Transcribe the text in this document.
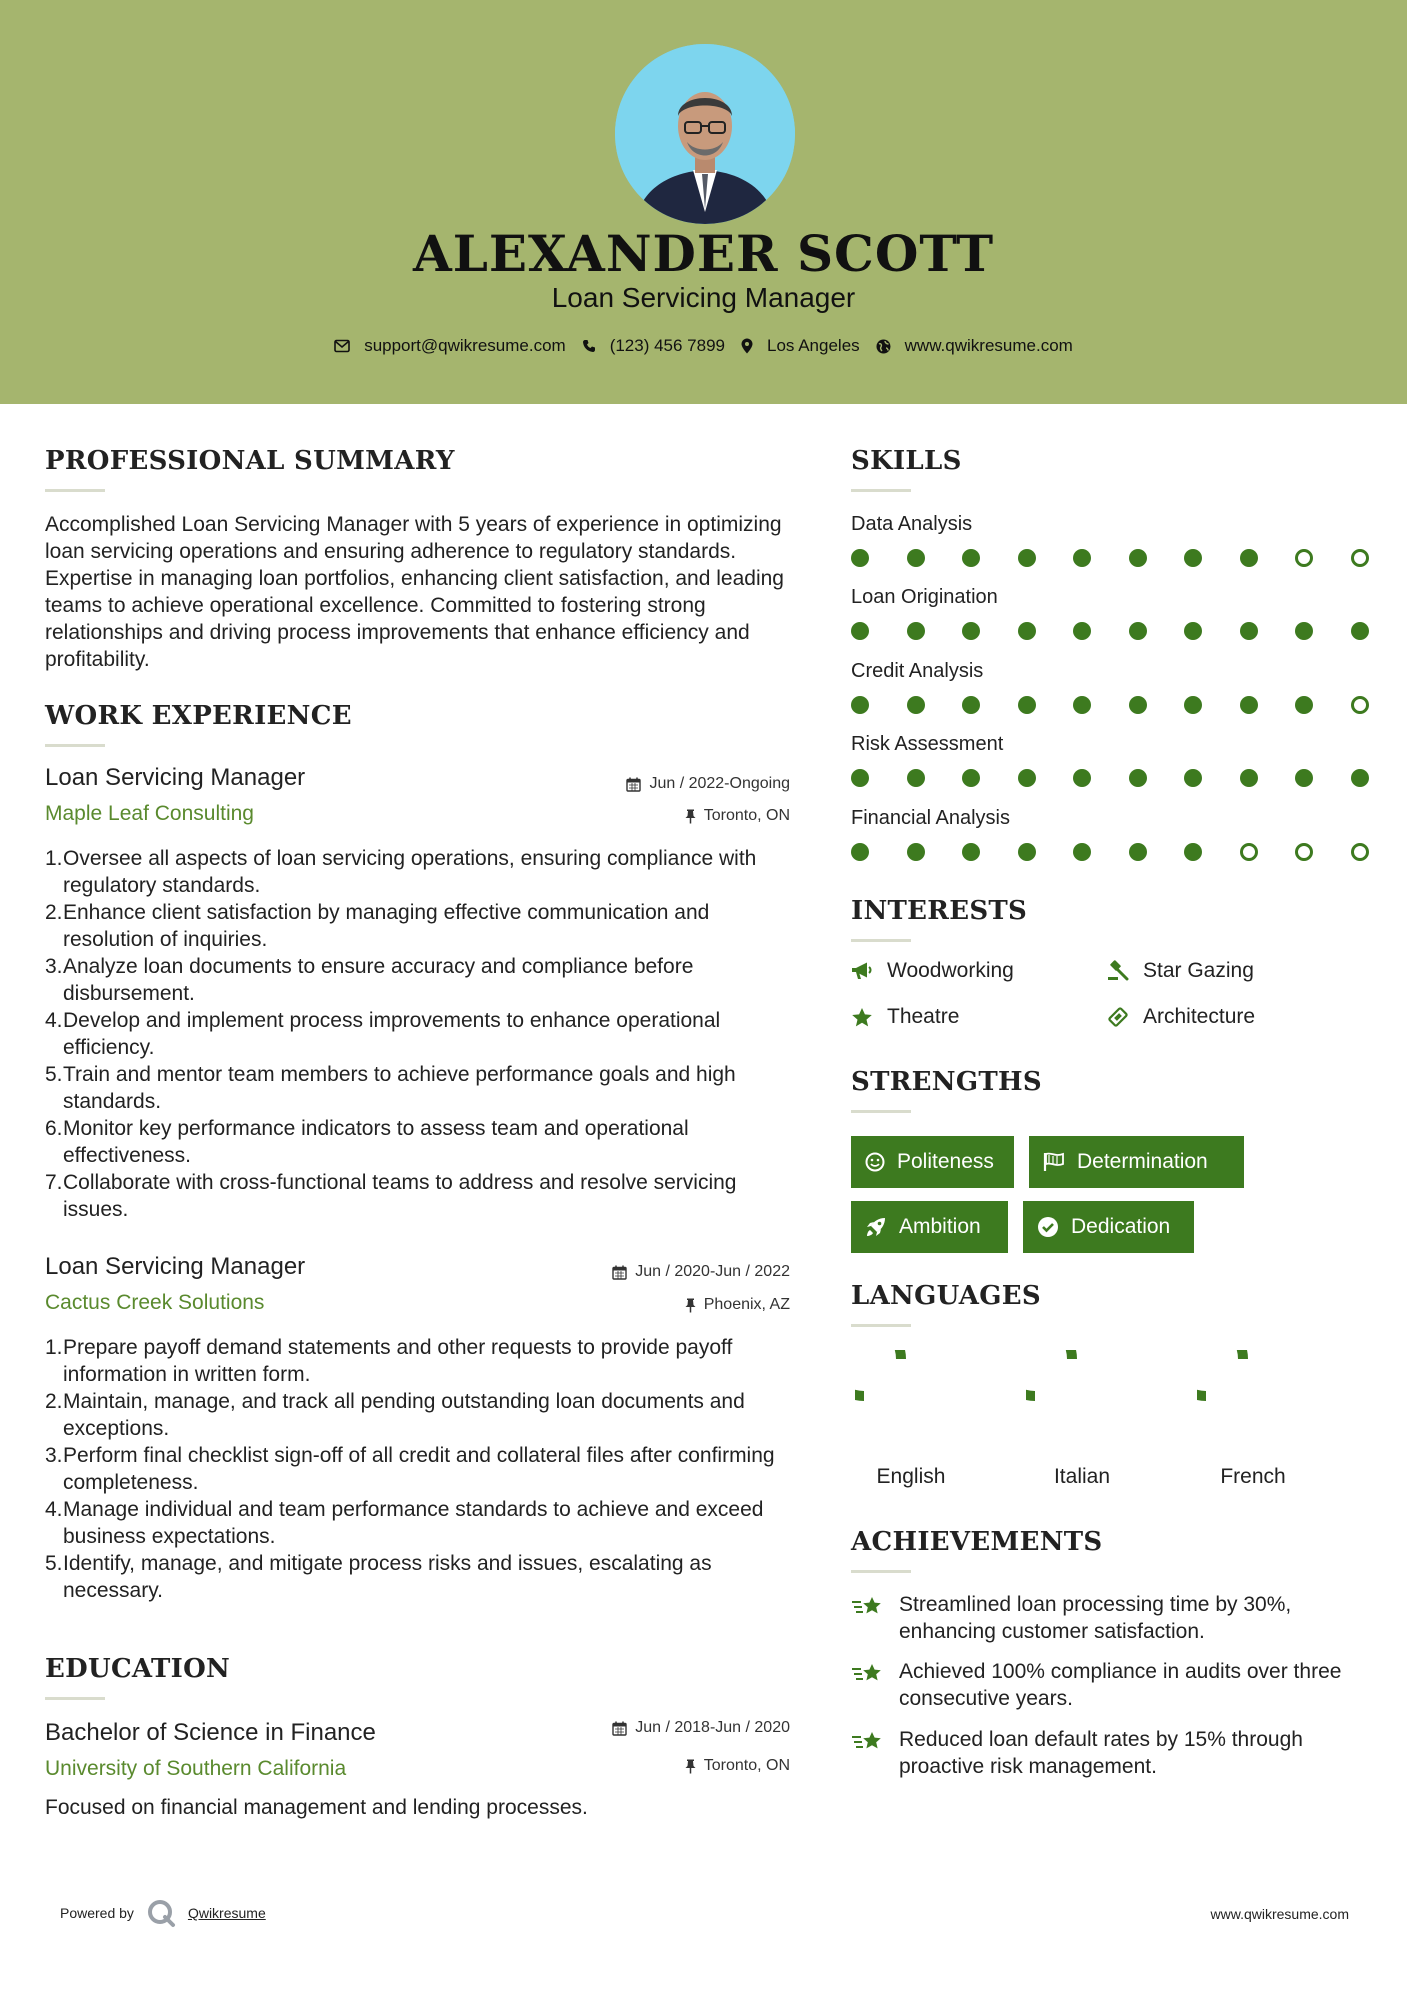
ALEXANDER SCOTT
Loan Servicing Manager
support@qwikresume.com	(123) 456 7899 Los Angeles	www.qwikresume.com
PROFESSIONAL SUMMARY
Accomplished Loan Servicing Manager with 5 years of experience in optimizing loan servicing operations and ensuring adherence to regulatory standards. Expertise in managing loan portfolios, enhancing client satisfaction, and leading teams to achieve operational excellence. Committed to fostering strong relationships and driving process improvements that enhance efficiency and profitability.
WORK EXPERIENCE
Loan Servicing Manager	Jun / 2022-Ongoing
Maple Leaf Consulting	Toronto, ON
1. Oversee all aspects of loan servicing operations, ensuring compliance with regulatory standards.
2. Enhance client satisfaction by managing effective communication and resolution of inquiries.
3. Analyze loan documents to ensure accuracy and compliance before disbursement.
4. Develop and implement process improvements to enhance operational efficiency.
5. Train and mentor team members to achieve performance goals and high standards.
6. Monitor key performance indicators to assess team and operational effectiveness.
7. Collaborate with cross-functional teams to address and resolve servicing issues.
Loan Servicing Manager	Jun / 2020-Jun / 2022
Cactus Creek Solutions	Phoenix, AZ
1. Prepare payoff demand statements and other requests to provide payoff information in written form.
2. Maintain, manage, and track all pending outstanding loan documents and exceptions.
3. Perform final checklist sign-off of all credit and collateral files after confirming completeness.
4. Manage individual and team performance standards to achieve and exceed business expectations.
5. Identify, manage, and mitigate process risks and issues, escalating as necessary.
EDUCATION
Bachelor of Science in Finance	Jun / 2018-Jun / 2020
University of Southern California	Toronto, ON
Focused on financial management and lending processes.
SKILLS
Data Analysis
Loan Origination
Credit Analysis
Risk Assessment
Financial Analysis
INTERESTS
Woodworking	Star Gazing
Theatre	Architecture
STRENGTHS
Politeness	Determination
Ambition	Dedication
LANGUAGES
English	Italian	French
ACHIEVEMENTS
Streamlined loan processing time by 30%, enhancing customer satisfaction.
Achieved 100% compliance in audits over three consecutive years.
Reduced loan default rates by 15% through proactive risk management.
Powered by	Qwikresume	www.qwikresume.com
